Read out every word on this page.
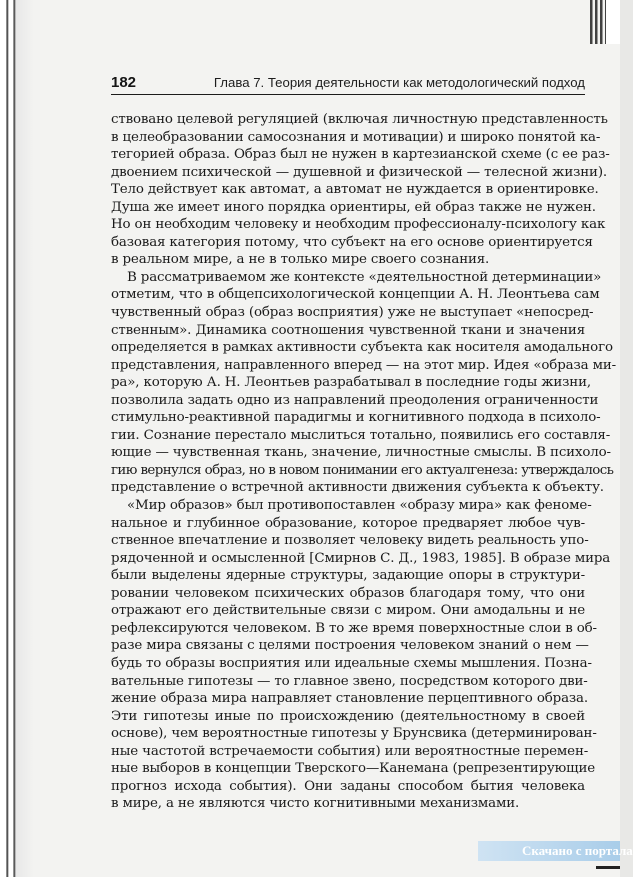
182	Глава 7. Теория деятельности как методологический подход
ствовано целевой регуляцией (включая личностную представленность
в целеобразовании самосознания и мотивации) и широко понятой ка-
тегорией образа. Образ был не нужен в картезианской схеме (с ее раз-
двоением психической — душевной и физической — телесной жизни).
Тело действует как автомат, а автомат не нуждается в ориентировке.
Душа же имеет иного порядка ориентиры, ей образ также не нужен.
Но он необходим человеку и необходим профессионалу-психологу как
базовая категория потому, что субъект на его основе ориентируется
в реальном мире, а не в только мире своего сознания.
В рассматриваемом же контексте «деятельностной детерминации»
отметим, что в общепсихологической концепции А. Н. Леонтьева сам
чувственный образ (образ восприятия) уже не выступает «непосред-
ственным». Динамика соотношения чувственной ткани и значения
определяется в рамках активности субъекта как носителя амодального
представления, направленного вперед — на этот мир. Идея «образа ми-
ра», которую А. Н. Леонтьев разрабатывал в последние годы жизни,
позволила задать одно из направлений преодоления ограниченности
стимульно-реактивной парадигмы и когнитивного подхода в психоло-
гии. Сознание перестало мыслиться тотально, появились его составля-
ющие — чувственная ткань, значение, личностные смыслы. В психоло-
гию вернулся образ, но в новом понимании его актуалгенеза: утверждалось
представление о встречной активности движения субъекта к объекту.
«Мир образов» был противопоставлен «образу мира» как феноме-
нальное и глубинное образование, которое предваряет любое чув-
ственное впечатление и позволяет человеку видеть реальность упо-
рядоченной и осмысленной [Смирнов С. Д., 1983, 1985]. В образе мира
были выделены ядерные структуры, задающие опоры в структури-
ровании человеком психических образов благодаря тому, что они
отражают его действительные связи с миром. Они амодальны и не
рефлексируются человеком. В то же время поверхностные слои в об-
разе мира связаны с целями построения человеком знаний о нем —
будь то образы восприятия или идеальные схемы мышления. Позна-
вательные гипотезы — то главное звено, посредством которого дви-
жение образа мира направляет становление перцептивного образа.
Эти гипотезы иные по происхождению (деятельностному в своей
основе), чем вероятностные гипотезы у Брунсвика (детерминирован-
ные частотой встречаемости события) или вероятностные перемен-
ные выборов в концепции Тверского—Канемана (репрезентирующие
прогноз исхода события). Они заданы способом бытия человека
в мире, а не являются чисто когнитивными механизмами.
Скачано с портала
